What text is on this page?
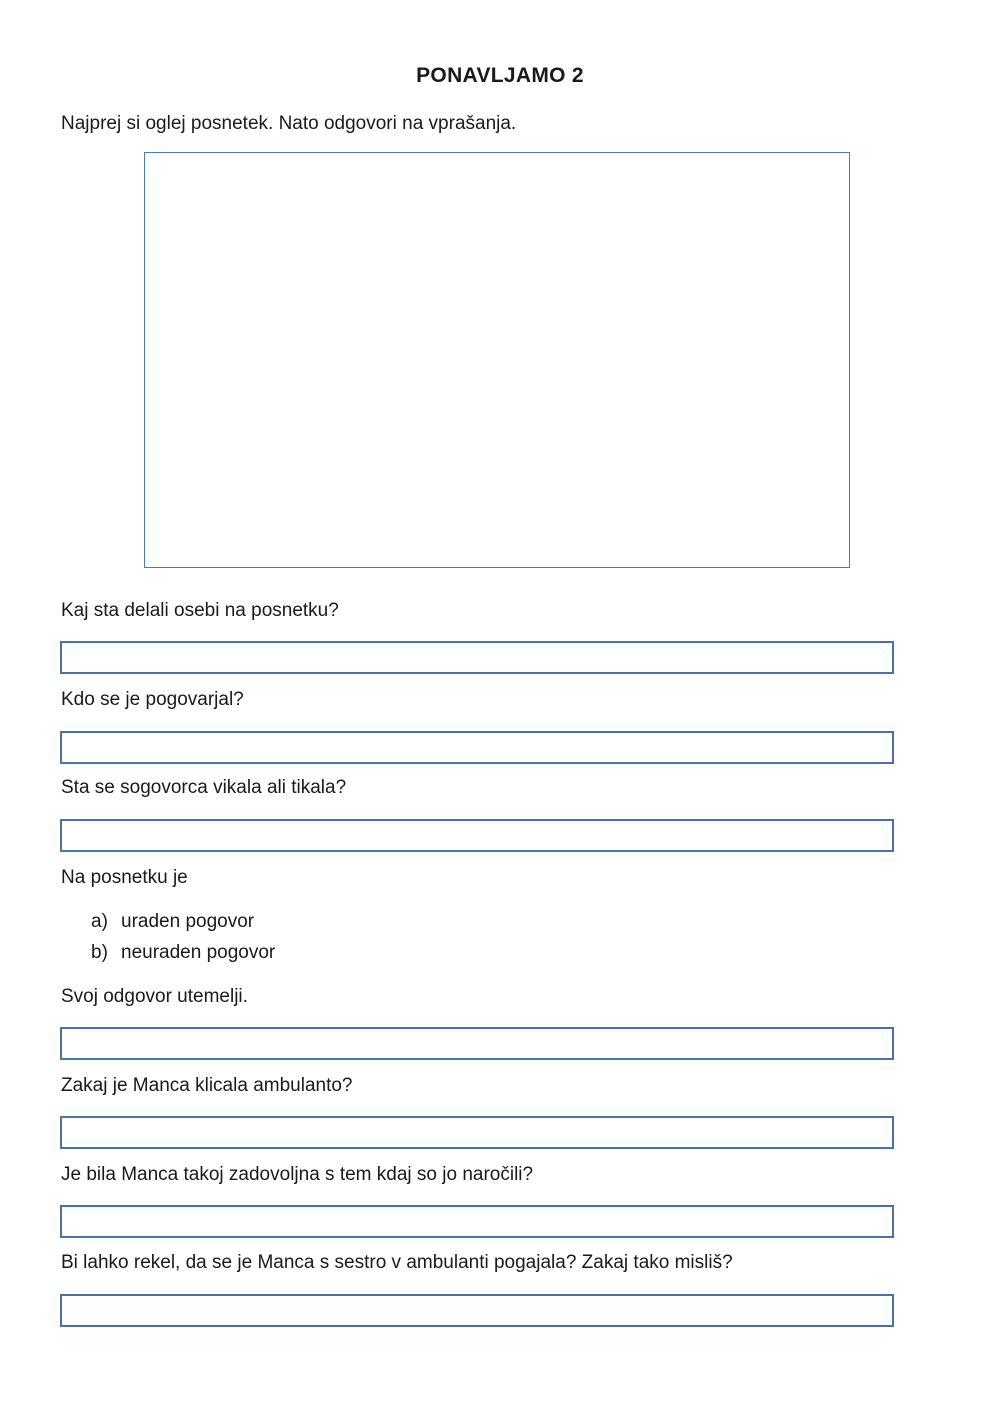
PONAVLJAMO 2
Najprej si oglej posnetek. Nato odgovori na vprašanja.
Kaj sta delali osebi na posnetku?
Kdo se je pogovarjal?
Sta se sogovorca vikala ali tikala?
Na posnetku je
a) uraden pogovor
b) neuraden pogovor
Svoj odgovor utemelji.
Zakaj je Manca klicala ambulanto?
Je bila Manca takoj zadovoljna s tem kdaj so jo naročili?
Bi lahko rekel, da se je Manca s sestro v ambulanti pogajala? Zakaj tako misliš?
